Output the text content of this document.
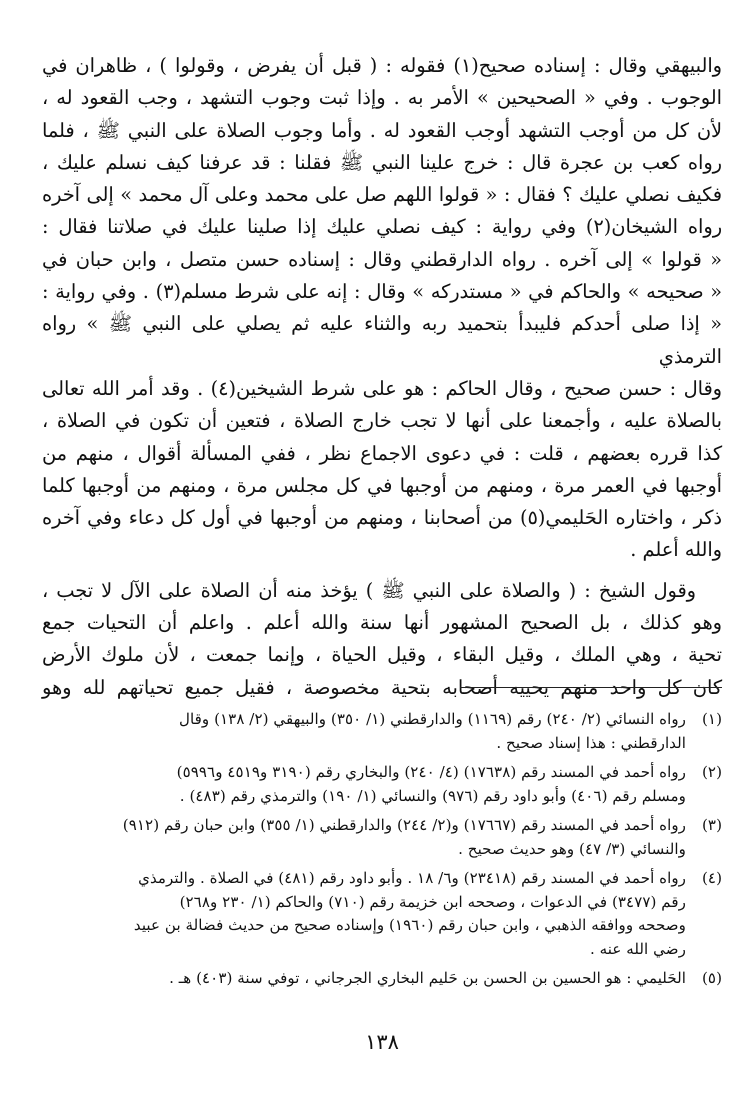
والبيهقي وقال : إسناده صحيح(١) فقوله : ( قبل أن يفرض ، وقولوا ) ، ظاهران في

الوجوب . وفي « الصحيحين » الأمر به . وإذا ثبت وجوب التشهد ، وجب القعود له ،

لأن كل من أوجب التشهد أوجب القعود له . وأما وجوب الصلاة على النبي ﷺ ، فلما

رواه كعب بن عجرة قال : خرج علينا النبي ﷺ فقلنا : قد عرفنا كيف نسلم عليك ،

فكيف نصلي عليك ؟ فقال : « قولوا اللهم صل على محمد وعلى آل محمد » إلى آخره

رواه الشيخان(٢) وفي رواية : كيف نصلي عليك إذا صلينا عليك في صلاتنا فقال :

« قولوا » إلى آخره . رواه الدارقطني وقال : إسناده حسن متصل ، وابن حبان في

« صحيحه » والحاكم في « مستدركه » وقال : إنه على شرط مسلم(٣) . وفي رواية :

« إذا صلى أحدكم فليبدأ بتحميد ربه والثناء عليه ثم يصلي على النبي ﷺ » رواه الترمذي

وقال : حسن صحيح ، وقال الحاكم : هو على شرط الشيخين(٤) . وقد أمر الله تعالى

بالصلاة عليه ، وأجمعنا على أنها لا تجب خارج الصلاة ، فتعين أن تكون في الصلاة ،

كذا قرره بعضهم ، قلت : في دعوى الاجماع نظر ، ففي المسألة أقوال ، منهم من

أوجبها في العمر مرة ، ومنهم من أوجبها في كل مجلس مرة ، ومنهم من أوجبها كلما

ذكر ، واختاره الحَليمي(٥) من أصحابنا ، ومنهم من أوجبها في أول كل دعاء وفي آخره

والله أعلم .

وقول الشيخ : ( والصلاة على النبي ﷺ ) يؤخذ منه أن الصلاة على الآل لا تجب ،

وهو كذلك ، بل الصحيح المشهور أنها سنة والله أعلم . واعلم أن التحيات جمع

تحية ، وهي الملك ، وقيل البقاء ، وقيل الحياة ، وإنما جمعت ، لأن ملوك الأرض

كان كل واحد منهم يحييه أصحابه بتحية مخصوصة ، فقيل جميع تحياتهم لله وهو

(١)

رواه النسائي (٢/ ٢٤٠) رقم (١١٦٩) والدارقطني (١/ ٣٥٠) والبيهقي (٢/ ١٣٨) وقال

الدارقطني : هذا إسناد صحيح .

(٢)

رواه أحمد في المسند رقم (١٧٦٣٨) (٤/ ٢٤٠) والبخاري رقم (٣١٩٠ و٤٥١٩ و٥٩٩٦)

ومسلم رقم (٤٠٦) وأبو داود رقم (٩٧٦) والنسائي (١/ ١٩٠) والترمذي رقم (٤٨٣) .

(٣)

رواه أحمد في المسند رقم (١٧٦٦٧) و(٢/ ٢٤٤) والدارقطني (١/ ٣٥٥) وابن حبان رقم (٩١٢)

والنسائي (٣/ ٤٧) وهو حديث صحيح .

(٤)

رواه أحمد في المسند رقم (٢٣٤١٨) و٦/ ١٨ . وأبو داود رقم (٤٨١) في الصلاة . والترمذي

رقم (٣٤٧٧) في الدعوات ، وصححه ابن خزيمة رقم (٧١٠) والحاكم (١/ ٢٣٠ و٢٦٨)

وصححه ووافقه الذهبي ، وابن حبان رقم (١٩٦٠) وإسناده صحيح من حديث فضالة بن عبيد

رضي الله عنه .

(٥)

الحَليمي : هو الحسين بن الحسن بن حَليم البخاري الجرجاني ، توفي سنة (٤٠٣) هـ .

١٣٨
